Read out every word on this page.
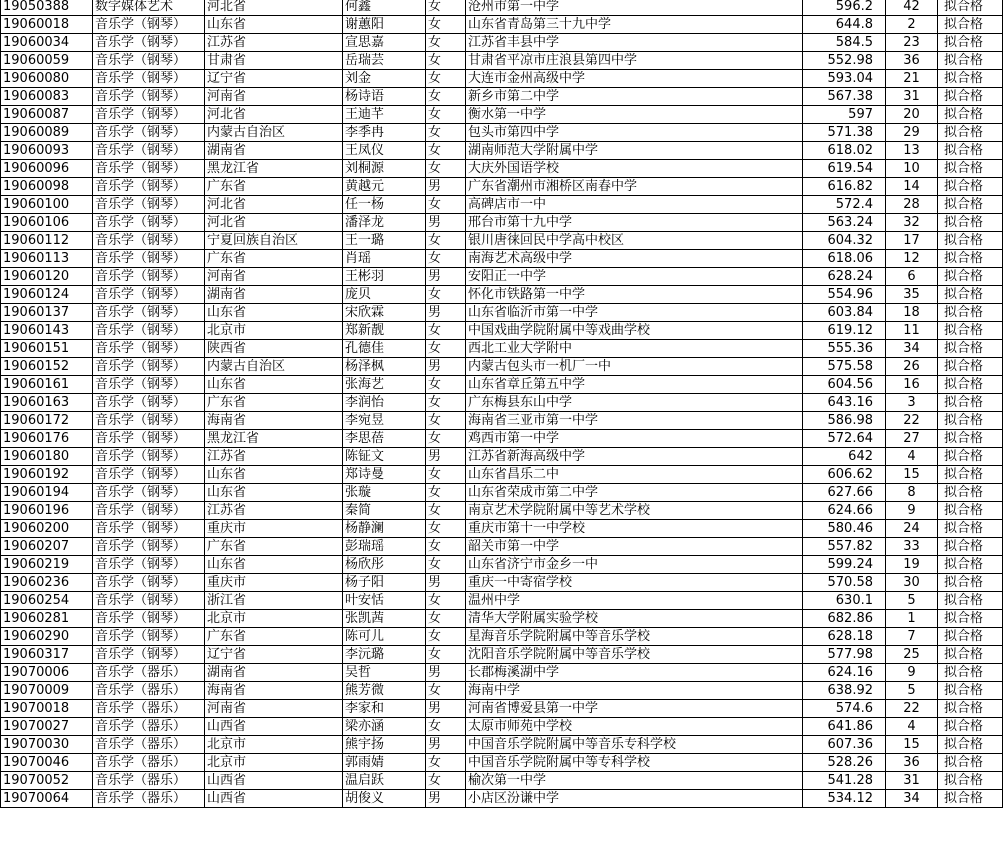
19050388	数字媒体艺术	河北省	何鑫	女	沧州市第一中学	596.2	42	拟合格
19060018	音乐学（钢琴）	山东省	谢蕙阳	女	山东省青岛第三十九中学	644.8	2	拟合格
19060034	音乐学（钢琴）	江苏省	宣思嘉	女	江苏省丰县中学	584.5	23	拟合格
19060059	音乐学（钢琴）	甘肃省	岳瑞芸	女	甘肃省平凉市庄浪县第四中学	552.98	36	拟合格
19060080	音乐学（钢琴）	辽宁省	刘金	女	大连市金州高级中学	593.04	21	拟合格
19060083	音乐学（钢琴）	河南省	杨诗语	女	新乡市第二中学	567.38	31	拟合格
19060087	音乐学（钢琴）	河北省	王迪芊	女	衡水第一中学	597	20	拟合格
19060089	音乐学（钢琴）	内蒙古自治区	李季冉	女	包头市第四中学	571.38	29	拟合格
19060093	音乐学（钢琴）	湖南省	王凤仪	女	湖南师范大学附属中学	618.02	13	拟合格
19060096	音乐学（钢琴）	黑龙江省	刘桐源	女	大庆外国语学校	619.54	10	拟合格
19060098	音乐学（钢琴）	广东省	黄越元	男	广东省潮州市湘桥区南春中学	616.82	14	拟合格
19060100	音乐学（钢琴）	河北省	任一杨	女	高碑店市一中	572.4	28	拟合格
19060106	音乐学（钢琴）	河北省	潘泽龙	男	邢台市第十九中学	563.24	32	拟合格
19060112	音乐学（钢琴）	宁夏回族自治区	王一璐	女	银川唐徕回民中学高中校区	604.32	17	拟合格
19060113	音乐学（钢琴）	广东省	肖瑶	女	南海艺术高级中学	618.06	12	拟合格
19060120	音乐学（钢琴）	河南省	王彬羽	男	安阳正一中学	628.24	6	拟合格
19060124	音乐学（钢琴）	湖南省	庞贝	女	怀化市铁路第一中学	554.96	35	拟合格
19060137	音乐学（钢琴）	山东省	宋欣霖	男	山东省临沂市第一中学	603.84	18	拟合格
19060143	音乐学（钢琴）	北京市	郑新靓	女	中国戏曲学院附属中等戏曲学校	619.12	11	拟合格
19060151	音乐学（钢琴）	陕西省	孔德佳	女	西北工业大学附中	555.36	34	拟合格
19060152	音乐学（钢琴）	内蒙古自治区	杨泽枫	男	内蒙古包头市一机厂一中	575.58	26	拟合格
19060161	音乐学（钢琴）	山东省	张海艺	女	山东省章丘第五中学	604.56	16	拟合格
19060163	音乐学（钢琴）	广东省	李润怡	女	广东梅县东山中学	643.16	3	拟合格
19060172	音乐学（钢琴）	海南省	李宛昱	女	海南省三亚市第一中学	586.98	22	拟合格
19060176	音乐学（钢琴）	黑龙江省	李思蓓	女	鸡西市第一中学	572.64	27	拟合格
19060180	音乐学（钢琴）	江苏省	陈钲文	男	江苏省新海高级中学	642	4	拟合格
19060192	音乐学（钢琴）	山东省	郑诗曼	女	山东省昌乐二中	606.62	15	拟合格
19060194	音乐学（钢琴）	山东省	张璇	女	山东省荣成市第二中学	627.66	8	拟合格
19060196	音乐学（钢琴）	江苏省	秦简	女	南京艺术学院附属中等艺术学校	624.66	9	拟合格
19060200	音乐学（钢琴）	重庆市	杨静澜	女	重庆市第十一中学校	580.46	24	拟合格
19060207	音乐学（钢琴）	广东省	彭瑞瑶	女	韶关市第一中学	557.82	33	拟合格
19060219	音乐学（钢琴）	山东省	杨欣彤	女	山东省济宁市金乡一中	599.24	19	拟合格
19060236	音乐学（钢琴）	重庆市	杨子阳	男	重庆一中寄宿学校	570.58	30	拟合格
19060254	音乐学（钢琴）	浙江省	叶安恬	女	温州中学	630.1	5	拟合格
19060281	音乐学（钢琴）	北京市	张凯茜	女	清华大学附属实验学校	682.86	1	拟合格
19060290	音乐学（钢琴）	广东省	陈可儿	女	星海音乐学院附属中等音乐学校	628.18	7	拟合格
19060317	音乐学（钢琴）	辽宁省	李沅璐	女	沈阳音乐学院附属中等音乐学校	577.98	25	拟合格
19070006	音乐学（器乐）	湖南省	吴哲	男	长郡梅溪湖中学	624.16	9	拟合格
19070009	音乐学（器乐）	海南省	熊芳微	女	海南中学	638.92	5	拟合格
19070018	音乐学（器乐）	河南省	李家和	男	河南省博爱县第一中学	574.6	22	拟合格
19070027	音乐学（器乐）	山西省	梁亦涵	女	太原市师苑中学校	641.86	4	拟合格
19070030	音乐学（器乐）	北京市	熊宇扬	男	中国音乐学院附属中等音乐专科学校	607.36	15	拟合格
19070046	音乐学（器乐）	北京市	郭雨婧	女	中国音乐学院附属中等专科学校	528.26	36	拟合格
19070052	音乐学（器乐）	山西省	温启跃	女	榆次第一中学	541.28	31	拟合格
19070064	音乐学（器乐）	山西省	胡俊义	男	小店区汾谦中学	534.12	34	拟合格
